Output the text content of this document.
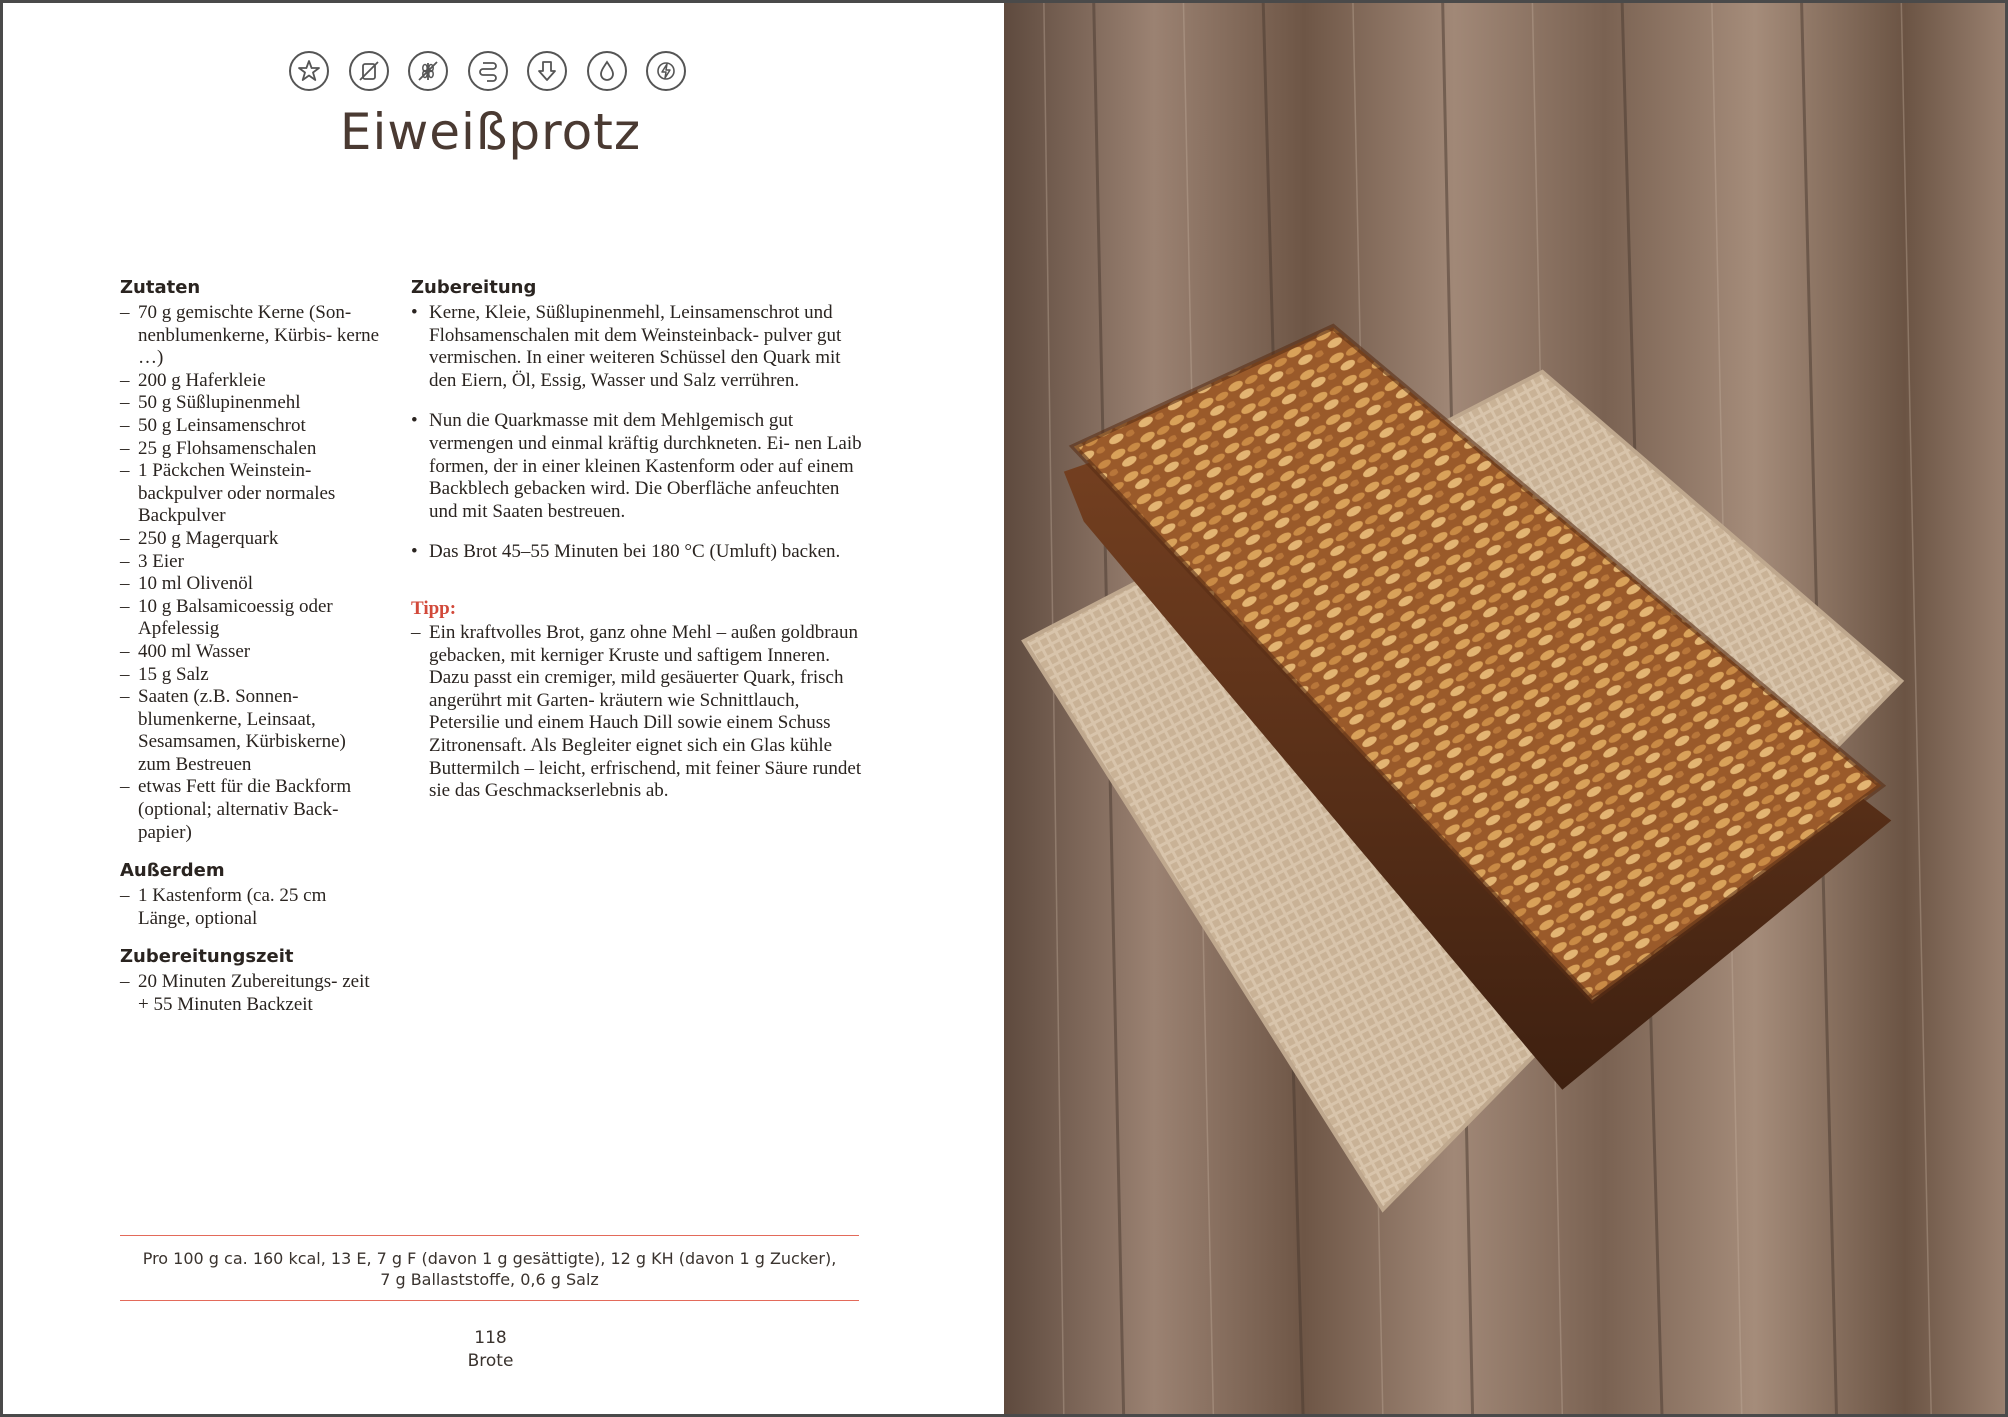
Eiweißprotz
Zutaten
– 70 g gemischte Kerne (Son- nenblumenkerne, Kürbis- kerne …)
– 200 g Haferkleie
– 50 g Süßlupinenmehl
– 50 g Leinsamenschrot
– 25 g Flohsamenschalen
– 1 Päckchen Weinstein- backpulver oder normales Backpulver
– 250 g Magerquark
– 3 Eier
– 10 ml Olivenöl
– 10 g Balsamicoessig oder Apfelessig
– 400 ml Wasser
– 15 g Salz
– Saaten (z.B. Sonnen- blumenkerne, Leinsaat, Sesamsamen, Kürbiskerne) zum Bestreuen
– etwas Fett für die Backform (optional; alternativ Back- papier)
Außerdem
– 1 Kastenform (ca. 25 cm Länge, optional
Zubereitungszeit
– 20 Minuten Zubereitungs- zeit + 55 Minuten Backzeit
Zubereitung
• Kerne, Kleie, Süßlupinenmehl, Leinsamenschrot und Flohsamenschalen mit dem Weinsteinback- pulver gut vermischen. In einer weiteren Schüssel den Quark mit den Eiern, Öl, Essig, Wasser und Salz verrühren.
• Nun die Quarkmasse mit dem Mehlgemisch gut vermengen und einmal kräftig durchkneten. Ei- nen Laib formen, der in einer kleinen Kastenform oder auf einem Backblech gebacken wird. Die Oberfläche anfeuchten und mit Saaten bestreuen.
• Das Brot 45–55 Minuten bei 180 °C (Umluft) backen.
Tipp:
– Ein kraftvolles Brot, ganz ohne Mehl – außen goldbraun gebacken, mit kerniger Kruste und saftigem Inneren. Dazu passt ein cremiger, mild gesäuerter Quark, frisch angerührt mit Garten- kräutern wie Schnittlauch, Petersilie und einem Hauch Dill sowie einem Schuss Zitronensaft. Als Begleiter eignet sich ein Glas kühle Buttermilch – leicht, erfrischend, mit feiner Säure rundet sie das Geschmackserlebnis ab.
Pro 100 g ca. 160 kcal, 13 E, 7 g F (davon 1 g gesättigte), 12 g KH (davon 1 g Zucker),
7 g Ballaststoffe, 0,6 g Salz
118
Brote
